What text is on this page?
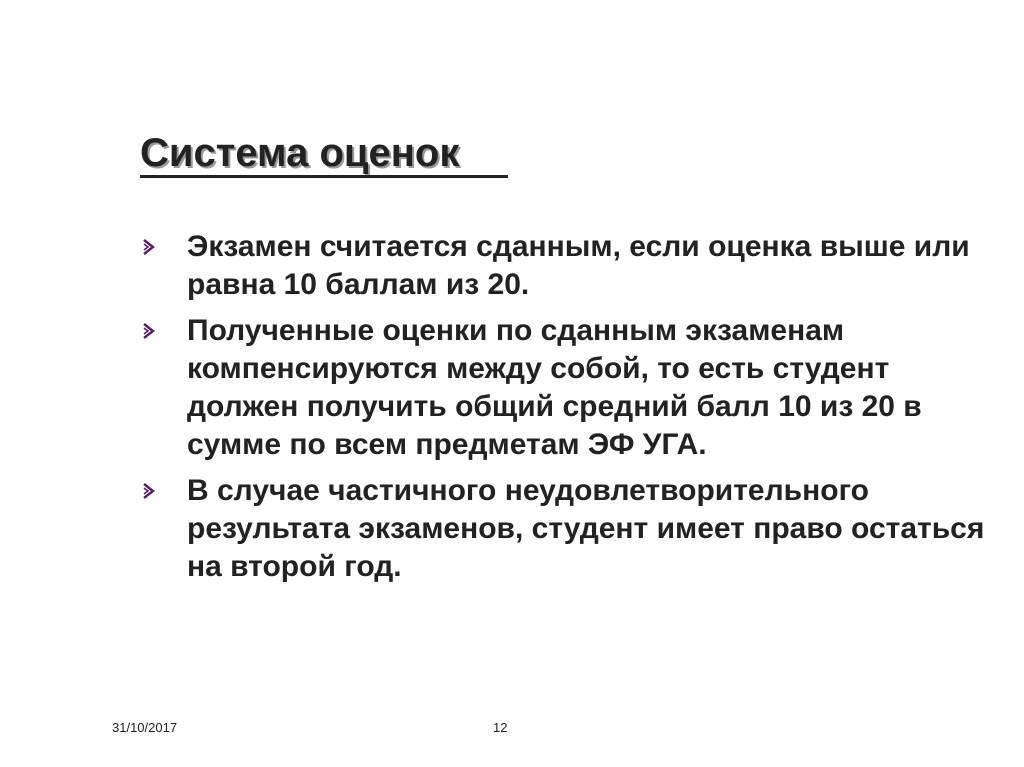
Система оценок
Экзамен считается сданным, если оценка выше или равна 10 баллам из 20.
Полученные оценки по сданным экзаменам компенсируются между собой, то есть студент должен получить общий средний балл 10 из 20 в сумме по всем предметам ЭФ УГА.
В случае частичного неудовлетворительного результата экзаменов, студент имеет право остаться на второй год.
31/10/2017	12
